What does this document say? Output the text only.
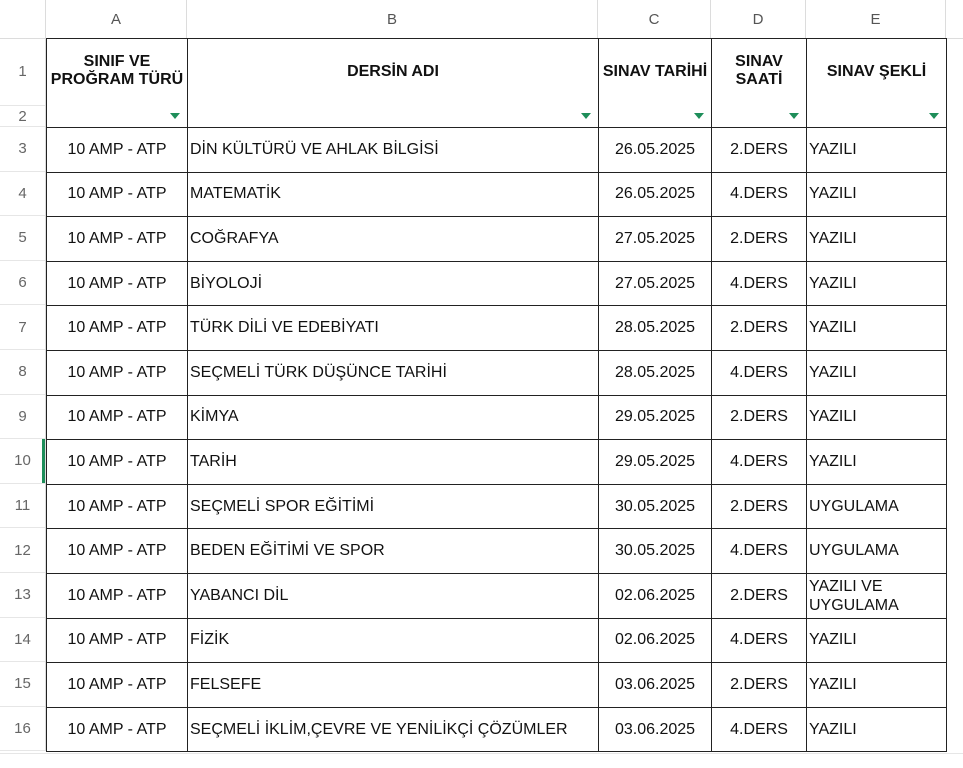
A	B	C	D	E
1
2
3
4
5
6
7
8
9
10
11
12
13
14
15
16
SINIF VE PROĞRAM TÜRÜ	DERSİN ADI	SINAV TARİHİ	SINAV SAATİ	SINAV ŞEKLİ

10 AMP - ATP	DİN KÜLTÜRÜ VE AHLAK BİLGİSİ	26.05.2025	2.DERS	YAZILI
10 AMP - ATP	MATEMATİK	26.05.2025	4.DERS	YAZILI
10 AMP - ATP	COĞRAFYA	27.05.2025	2.DERS	YAZILI
10 AMP - ATP	BİYOLOJİ	27.05.2025	4.DERS	YAZILI
10 AMP - ATP	TÜRK DİLİ VE EDEBİYATI	28.05.2025	2.DERS	YAZILI
10 AMP - ATP	SEÇMELİ TÜRK DÜŞÜNCE TARİHİ	28.05.2025	4.DERS	YAZILI
10 AMP - ATP	KİMYA	29.05.2025	2.DERS	YAZILI
10 AMP - ATP	TARİH	29.05.2025	4.DERS	YAZILI
10 AMP - ATP	SEÇMELİ SPOR EĞİTİMİ	30.05.2025	2.DERS	UYGULAMA
10 AMP - ATP	BEDEN EĞİTİMİ VE SPOR	30.05.2025	4.DERS	UYGULAMA
10 AMP - ATP	YABANCI DİL	02.06.2025	2.DERS	YAZILI VE UYGULAMA
10 AMP - ATP	FİZİK	02.06.2025	4.DERS	YAZILI
10 AMP - ATP	FELSEFE	03.06.2025	2.DERS	YAZILI
10 AMP - ATP	SEÇMELİ İKLİM,ÇEVRE VE YENİLİKÇİ ÇÖZÜMLER	03.06.2025	4.DERS	YAZILI
